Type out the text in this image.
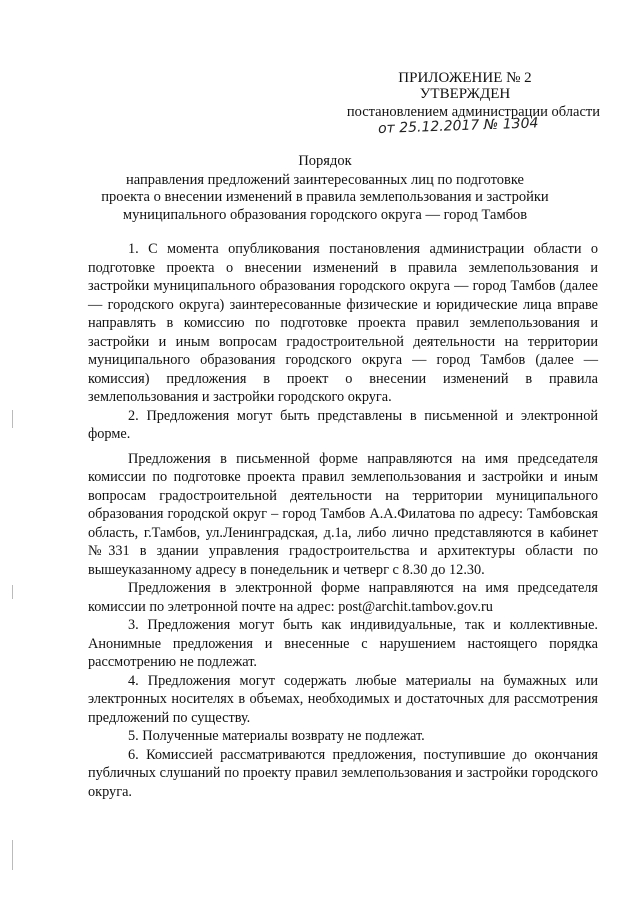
ПРИЛОЖЕНИЕ № 2
УТВЕРЖДЕН
постановлением администрации области
от 25.12.2017 № 1304
Порядок
направления предложений заинтересованных лиц по подготовке проекта о внесении изменений в правила землепользования и застройки муниципального образования городского округа — город Тамбов

1. С момента опубликования постановления администрации области о подготовке проекта о внесении изменений в правила землепользования и застройки муниципального образования городского округа — город Тамбов (далее — городского округа) заинтересованные физические и юридические лица вправе направлять в комиссию по подготовке проекта правил землепользования и застройки и иным вопросам градостроительной деятельности на территории муниципального образования городского округа — город Тамбов (далее — комиссия) предложения в проект о внесении изменений в правила землепользования и застройки городского округа.

2. Предложения могут быть представлены в письменной и электронной форме.

Предложения в письменной форме направляются на имя председателя комиссии по подготовке проекта правил землепользования и застройки и иным вопросам градостроительной деятельности на территории муниципального образования городской округ – город Тамбов А.А.Филатова по адресу: Тамбовская область, г.Тамбов, ул.Ленинградская, д.1а, либо лично представляются в кабинет №331 в здании управления градостроительства и архитектуры области по вышеуказанному адресу в понедельник и четверг с 8.30 до 12.30.

Предложения в электронной форме направляются на имя председателя комиссии по элетронной почте на адрес: post@archit.tambov.gov.ru

3. Предложения могут быть как индивидуальные, так и коллективные. Анонимные предложения и внесенные с нарушением настоящего порядка рассмотрению не подлежат.

4. Предложения могут содержать любые материалы на бумажных или электронных носителях в объемах, необходимых и достаточных для рассмотрения предложений по существу.

5. Полученные материалы возврату не подлежат.

6. Комиссией рассматриваются предложения, поступившие до окончания публичных слушаний по проекту правил землепользования и застройки городского округа.
